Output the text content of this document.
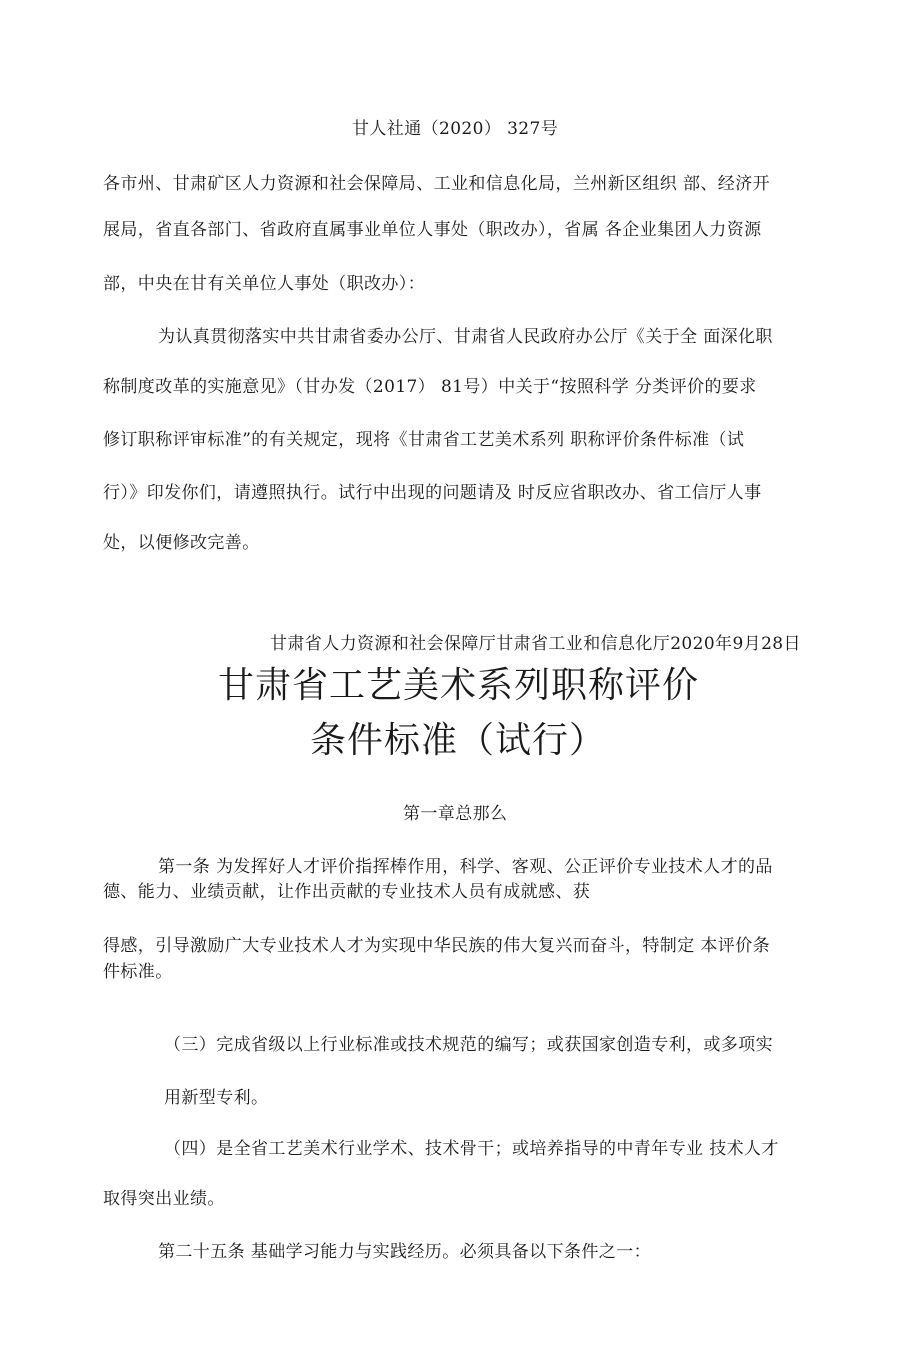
甘人社通（2020） 327号

各市州、甘肃矿区人力资源和社会保障局、工业和信息化局，兰州新区组织 部、经济开

展局，省直各部门、省政府直属事业单位人事处（职改办），省属 各企业集团人力资源

部，中央在甘有关单位人事处（职改办）：

为认真贯彻落实中共甘肃省委办公厅、甘肃省人民政府办公厅《关于全 面深化职

称制度改革的实施意见》（甘办发（2017） 81号）中关于“按照科学 分类评价的要求

修订职称评审标准”的有关规定，现将《甘肃省工艺美术系列 职称评价条件标准（试

行）》印发你们，请遵照执行。试行中出现的问题请及 时反应省职改办、省工信厅人事

处，以便修改完善。

甘肃省人力资源和社会保障厅甘肃省工业和信息化厅2020年9月28日

甘肃省工艺美术系列职称评价
条件标准（试行）

第一章总那么

第一条 为发挥好人才评价指挥棒作用，科学、客观、公正评价专业技术人才的品

德、能力、业绩贡献，让作出贡献的专业技术人员有成就感、获

得感，引导激励广大专业技术人才为实现中华民族的伟大复兴而奋斗，特制定 本评价条

件标准。

（三）完成省级以上行业标准或技术规范的编写；或获国家创造专利，或多项实

用新型专利。

（四）是全省工艺美术行业学术、技术骨干；或培养指导的中青年专业 技术人才

取得突出业绩。

第二十五条 基础学习能力与实践经历。必须具备以下条件之一：
